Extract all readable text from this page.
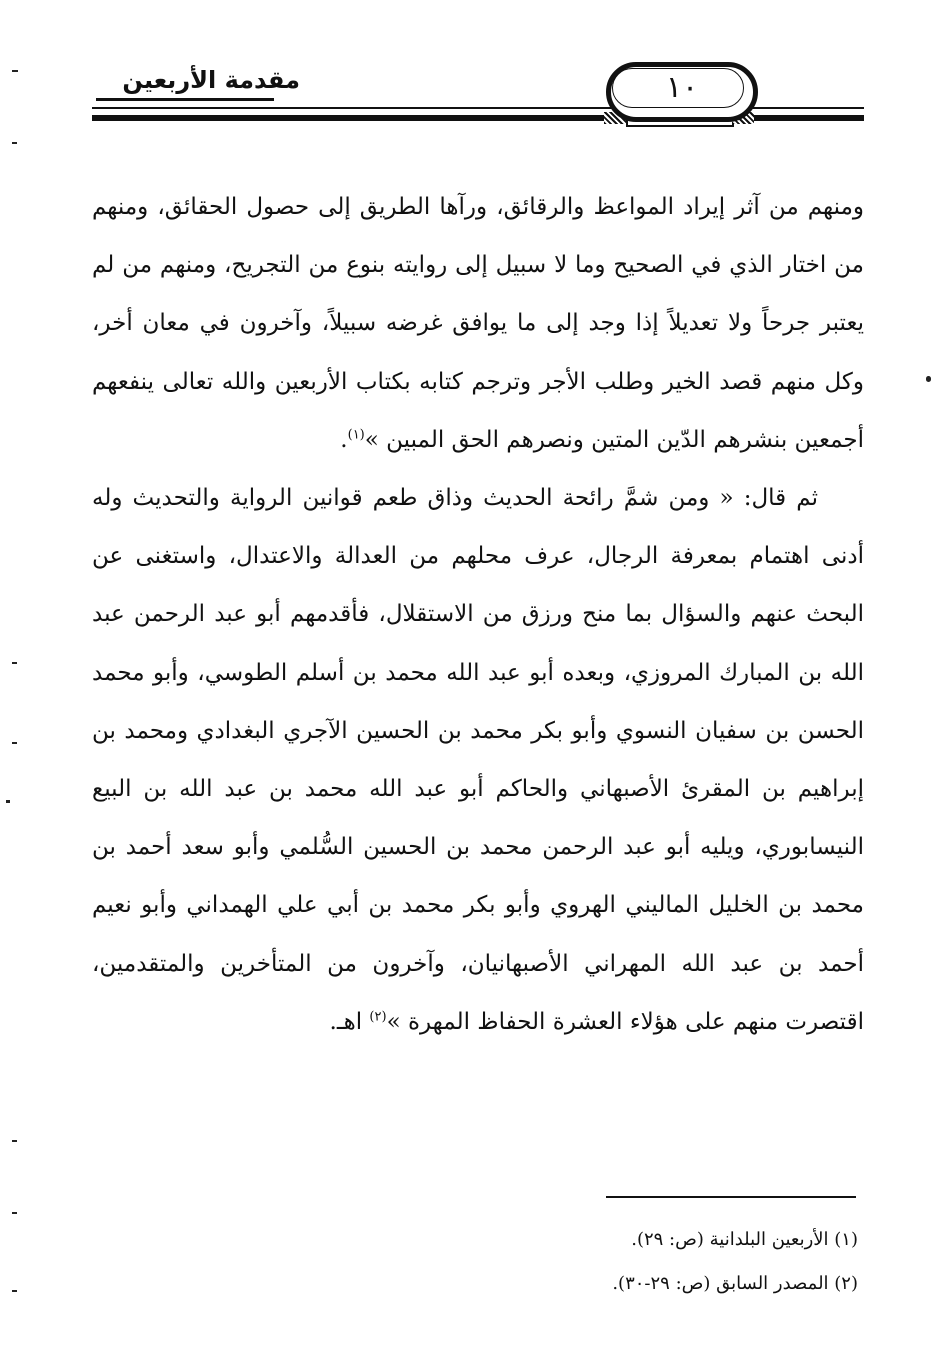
مقدمة الأربعين	١٠

ومنهم من آثر إيراد المواعظ والرقائق، ورآها الطريق إلى حصول الحقائق، ومنهم من اختار الذي في الصحيح وما لا سبيل إلى روايته بنوع من التجريح، ومنهم من لم يعتبر جرحاً ولا تعديلاً إذا وجد إلى ما يوافق غرضه سبيلاً، وآخرون في معان أخر، وكل منهم قصد الخير وطلب الأجر وترجم كتابه بكتاب الأربعين والله تعالى ينفعهم أجمعين بنشرهم الدّين المتين ونصرهم الحق المبين »$^{(١)}$.

ثم قال: « ومن شمَّ رائحة الحديث وذاق طعم قوانين الرواية والتحديث وله أدنى اهتمام بمعرفة الرجال، عرف محلهم من العدالة والاعتدال، واستغنى عن البحث عنهم والسؤال بما منح ورزق من الاستقلال، فأقدمهم أبو عبد الرحمن عبد الله بن المبارك المروزي، وبعده أبو عبد الله محمد بن أسلم الطوسي، وأبو محمد الحسن بن سفيان النسوي وأبو بكر محمد بن الحسين الآجري البغدادي ومحمد بن إبراهيم بن المقرئ الأصبهاني والحاكم أبو عبد الله محمد بن عبد الله بن البيع النيسابوري، ويليه أبو عبد الرحمن محمد بن الحسين السُّلمي وأبو سعد أحمد بن محمد بن الخليل الماليني الهروي وأبو بكر محمد بن أبي علي الهمداني وأبو نعيم أحمد بن عبد الله المهراني الأصبهانيان، وآخرون من المتأخرين والمتقدمين، اقتصرت منهم على هؤلاء العشرة الحفاظ المهرة »$^{(٢)}$ اهـ.

(١) الأربعين البلدانية (ص: ٢٩).
(٢) المصدر السابق (ص: ٢٩-٣٠).
